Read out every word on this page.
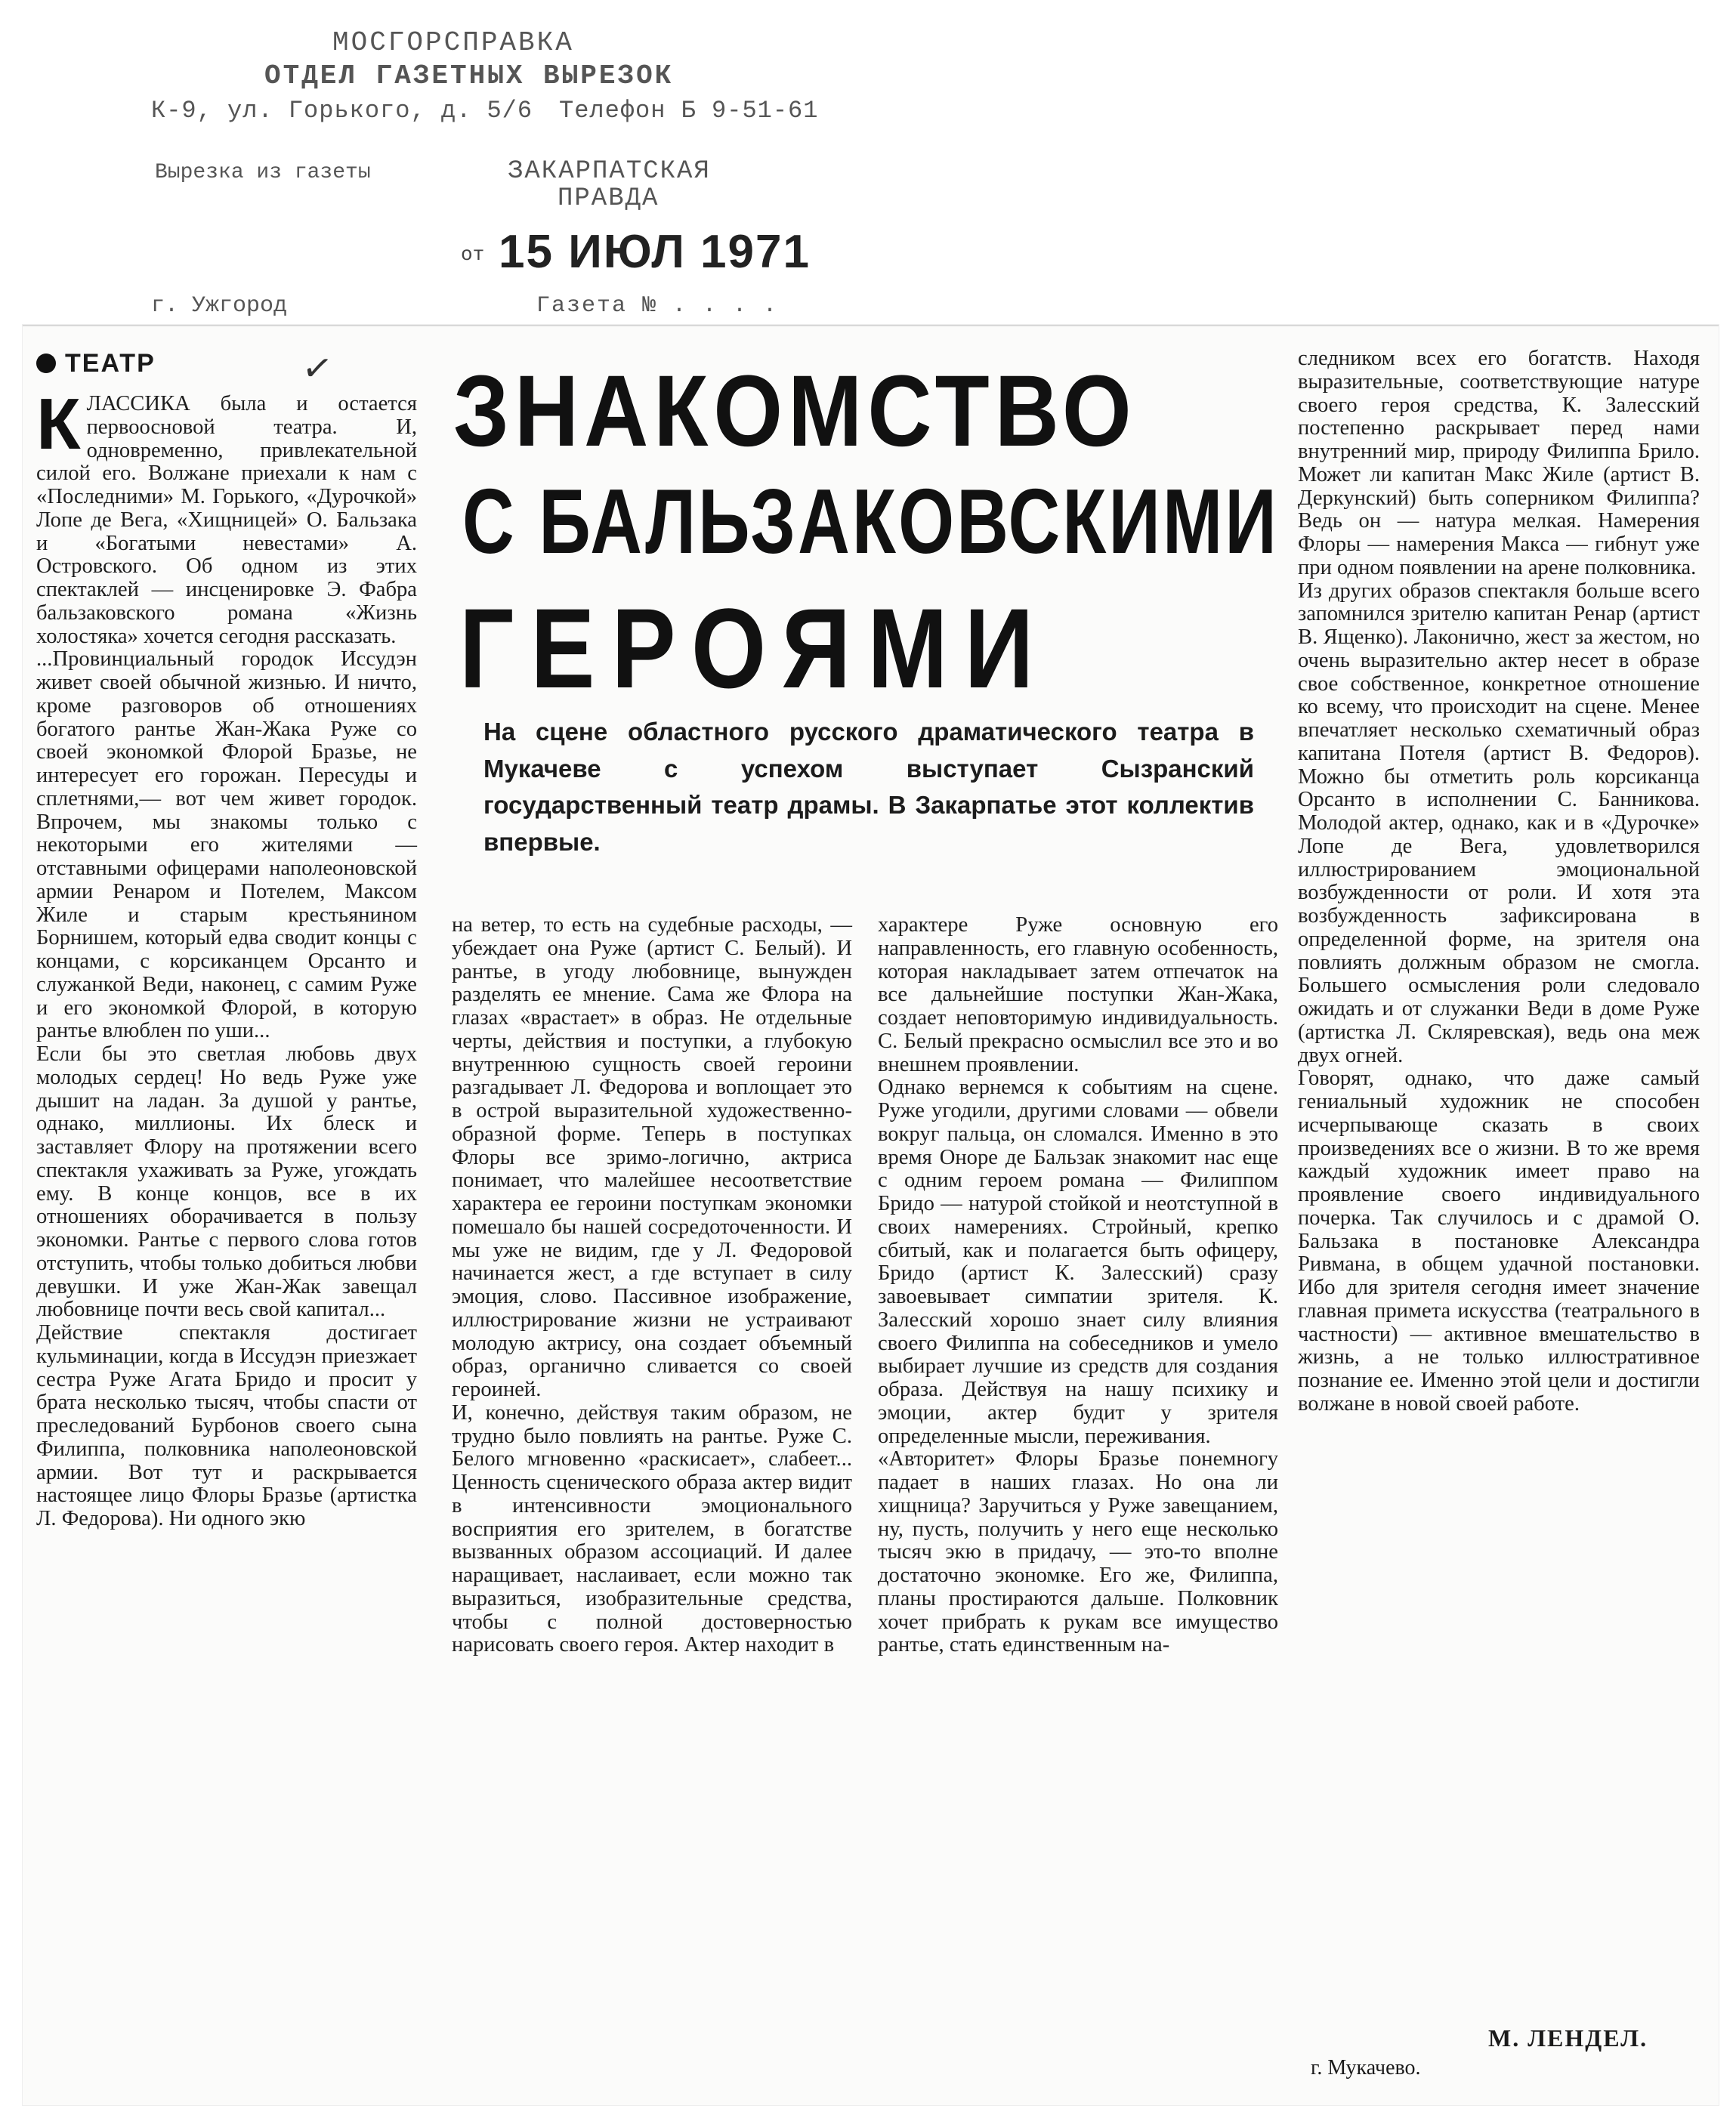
МОСГОРСПРАВКА
ОТДЕЛ ГАЗЕТНЫХ ВЫРЕЗОК
К-9, ул. Горького, д. 5/6 Телефон Б 9-51-61
Вырезка из газеты	ЗАКАРПАТСКАЯ
ПРАВДА
от 15 ИЮЛ 1971
г. Ужгород	Газета № . . . .
ТЕАТР	✓ ЗНАКОМСТВО
С БАЛЬЗАКОВСКИМИ
ГЕРОЯМИ
На сцене областного русского драматического театра в Мукачеве с успехом выступает Сызранский государственный театр драмы. В Закарпатье этот коллектив впервые.
КЛАССИКА была и остается первоосновой театра. И, одновременно, привлекательной силой его. Волжане приехали к нам с «Последними» М. Горького, «Дурочкой» Лопе де Вега, «Хищницей» О. Бальзака и «Богатыми невестами» А. Островского. Об одном из этих спектаклей — инсценировке Э. Фабра бальзаковского романа «Жизнь холостяка» хочется сегодня рассказать.
...Провинциальный городок Иссудэн живет своей обычной жизнью. И ничто, кроме разговоров об отношениях богатого рантье Жан-Жака Руже со своей экономкой Флорой Бразье, не интересует его горожан. Пересуды и сплетнями,— вот чем живет городок. Впрочем, мы знакомы только с некоторыми его жителями — отставными офицерами наполеоновской армии Ренаром и Потелем, Максом Жиле и старым крестьянином Борнишем, который едва сводит концы с концами, с корсиканцем Орсанто и служанкой Веди, наконец, с самим Руже и его экономкой Флорой, в которую рантье влюблен по уши...
Если бы это светлая любовь двух молодых сердец! Но ведь Руже уже дышит на ладан. За душой у рантье, однако, миллионы. Их блеск и заставляет Флору на протяжении всего спектакля ухаживать за Руже, угождать ему. В конце концов, все в их отношениях оборачивается в пользу экономки. Рантье с первого слова готов отступить, чтобы только добиться любви девушки. И уже Жан-Жак завещал любовнице почти весь свой капитал...
Действие спектакля достигает кульминации, когда в Иссудэн приезжает сестра Руже Агата Бридо и просит у брата несколько тысяч, чтобы спасти от преследований Бурбонов своего сына Филиппа, полковника наполеоновской армии. Вот тут и раскрывается настоящее лицо Флоры Бразье (артистка Л. Федорова). Ни одного экю
на ветер, то есть на судебные расходы, — убеждает она Руже (артист С. Белый). И рантье, в угоду любовнице, вынужден разделять ее мнение. Сама же Флора на глазах «врастает» в образ. Не отдельные черты, действия и поступки, а глубокую внутреннюю сущность своей героини разгадывает Л. Федорова и воплощает это в острой выразительной художественно-образной форме. Теперь в поступках Флоры все зримо-логично, актриса понимает, что малейшее несоответствие характера ее героини поступкам экономки помешало бы нашей сосредоточенности. И мы уже не видим, где у Л. Федоровой начинается жест, а где вступает в силу эмоция, слово. Пассивное изображение, иллюстрирование жизни не устраивают молодую актрису, она создает объемный образ, органично сливается со своей героиней.
И, конечно, действуя таким образом, не трудно было повлиять на рантье. Руже С. Белого мгновенно «раскисает», слабеет... Ценность сценического образа актер видит в интенсивности эмоционального восприятия его зрителем, в богатстве вызванных образом ассоциаций. И далее наращивает, наслаивает, если можно так выразиться, изобразительные средства, чтобы с полной достоверностью нарисовать своего героя. Актер находит в
характере Руже основную его направленность, его главную особенность, которая накладывает затем отпечаток на все дальнейшие поступки Жан-Жака, создает неповторимую индивидуальность. С. Белый прекрасно осмыслил все это и во внешнем проявлении.
Однако вернемся к событиям на сцене. Руже угодили, другими словами — обвели вокруг пальца, он сломался. Именно в это время Оноре де Бальзак знакомит нас еще с одним героем романа — Филиппом Бридо — натурой стойкой и неотступной в своих намерениях. Стройный, крепко сбитый, как и полагается быть офицеру, Бридо (артист К. Залесский) сразу завоевывает симпатии зрителя. К. Залесский хорошо знает силу влияния своего Филиппа на собеседников и умело выбирает лучшие из средств для создания образа. Действуя на нашу психику и эмоции, актер будит у зрителя определенные мысли, переживания.
«Авторитет» Флоры Бразье понемногу падает в наших глазах. Но она ли хищница? Заручиться у Руже завещанием, ну, пусть, получить у него еще несколько тысяч экю в придачу, — это-то вполне достаточно экономке. Его же, Филиппа, планы простираются дальше. Полковник хочет прибрать к рукам все имущество рантье, стать единственным на-
следником всех его богатств. Находя выразительные, соответствующие натуре своего героя средства, К. Залесский постепенно раскрывает перед нами внутренний мир, природу Филиппа Брило. Может ли капитан Макс Жиле (артист В. Деркунский) быть соперником Филиппа? Ведь он — натура мелкая. Намерения Флоры — намерения Макса — гибнут уже при одном появлении на арене полковника.
Из других образов спектакля больше всего запомнился зрителю капитан Ренар (артист В. Ященко). Лаконично, жест за жестом, но очень выразительно актер несет в образе свое собственное, конкретное отношение ко всему, что происходит на сцене. Менее впечатляет несколько схематичный образ капитана Потеля (артист В. Федоров). Можно бы отметить роль корсиканца Орсанто в исполнении С. Банникова. Молодой актер, однако, как и в «Дурочке» Лопе де Вега, удовлетворился иллюстрированием эмоциональной возбужденности от роли. И хотя эта возбужденность зафиксирована в определенной форме, на зрителя она повлиять должным образом не смогла. Большего осмысления роли следовало ожидать и от служанки Веди в доме Руже (артистка Л. Скляревская), ведь она меж двух огней.
Говорят, однако, что даже самый гениальный художник не способен исчерпывающе сказать в своих произведениях все о жизни. В то же время каждый художник имеет право на проявление своего индивидуального почерка. Так случилось и с драмой О. Бальзака в постановке Александра Ривмана, в общем удачной постановки. Ибо для зрителя сегодня имеет значение главная примета искусства (театрального в частности) — активное вмешательство в жизнь, а не только иллюстративное познание ее. Именно этой цели и достигли волжане в новой своей работе.
М. ЛЕНДЕЛ.
г. Мукачево.
